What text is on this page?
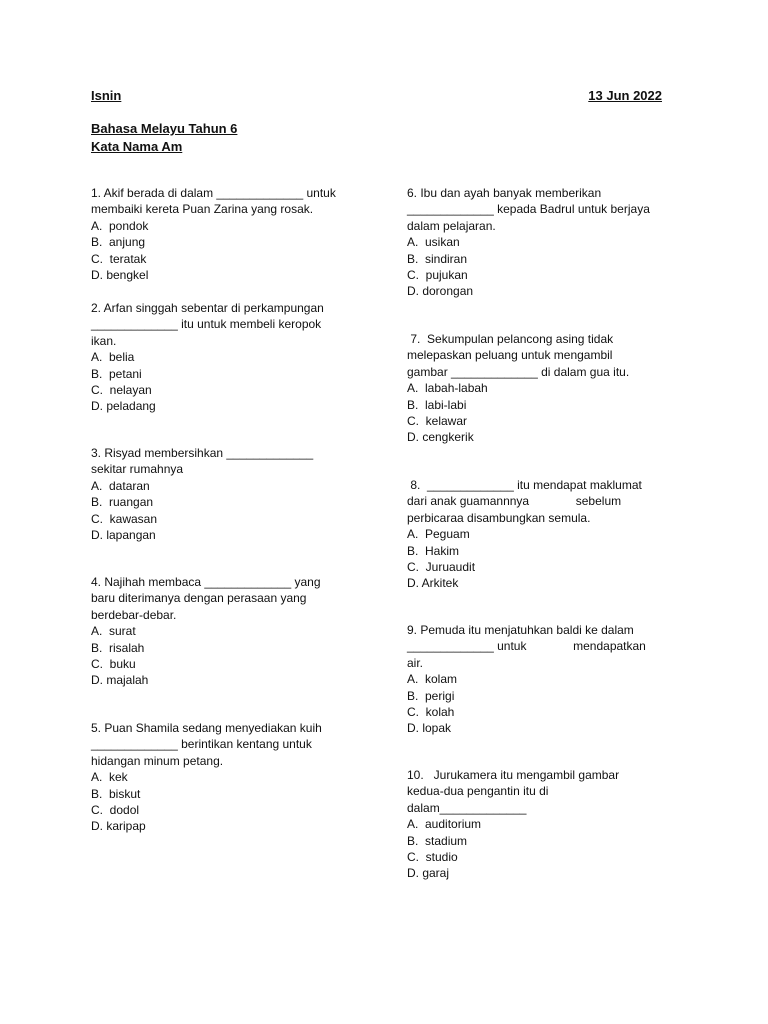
Isnin	13 Jun 2022
Bahasa Melayu Tahun 6
Kata Nama Am

1. Akif berada di dalam _____________ untuk

membaiki kereta Puan Zarina yang rosak.

A.  pondok

B.  anjung

C.  teratak

D. bengkel

2. Arfan singgah sebentar di perkampungan

_____________ itu untuk membeli keropok

ikan.

A.  belia

B.  petani

C.  nelayan

D. peladang

3. Risyad membersihkan _____________

sekitar rumahnya

A.  dataran

B.  ruangan

C.  kawasan

D. lapangan

4. Najihah membaca _____________ yang

baru diterimanya dengan perasaan yang

berdebar-debar.

A.  surat

B.  risalah

C.  buku

D. majalah

5. Puan Shamila sedang menyediakan kuih

_____________ berintikan kentang untuk

hidangan minum petang.

A.  kek

B.  biskut

C.  dodol

D. karipap

6. Ibu dan ayah banyak memberikan

_____________ kepada Badrul untuk berjaya

dalam pelajaran.

A.  usikan

B.  sindiran

C.  pujukan

D. dorongan

7.  Sekumpulan pelancong asing tidak

melepaskan peluang untuk mengambil

gambar _____________ di dalam gua itu.

A.  labah-labah

B.  labi-labi

C.  kelawar

D. cengkerik

8.  _____________ itu mendapat maklumat

dari anak guamannnya              sebelum

perbicaraa disambungkan semula.

A.  Peguam

B.  Hakim

C.  Juruaudit

D. Arkitek

9. Pemuda itu menjatuhkan baldi ke dalam

_____________ untuk              mendapatkan

air.

A.  kolam

B.  perigi

C.  kolah

D. lopak

10.   Jurukamera itu mengambil gambar

kedua-dua pengantin itu di

dalam_____________

A.  auditorium

B.  stadium

C.  studio

D. garaj
